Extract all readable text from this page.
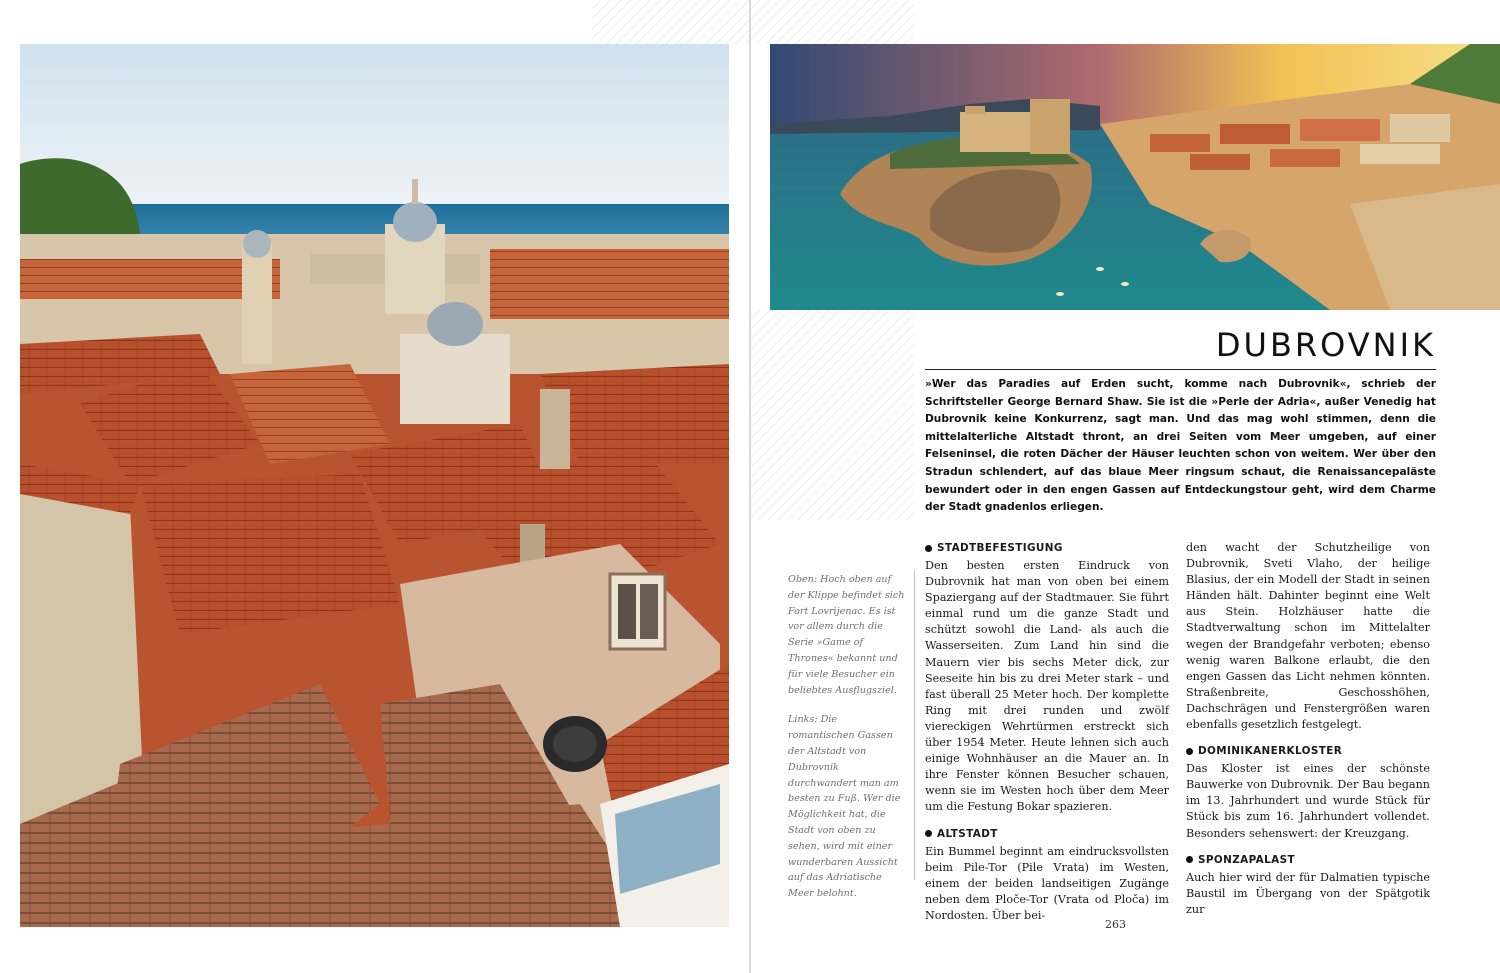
DUBROVNIK

»Wer das Paradies auf Erden sucht, komme nach Dubrovnik«, schrieb der Schriftsteller George Bernard Shaw. Sie ist die »Perle der Adria«, außer Venedig hat Dubrovnik keine Konkurrenz, sagt man. Und das mag wohl stimmen, denn die mittelalterliche Altstadt thront, an drei Seiten vom Meer umgeben, auf einer Felseninsel, die roten Dächer der Häuser leuchten schon von weitem. Wer über den Stradun schlendert, auf das blaue Meer ringsum schaut, die Renaissancepaläste bewundert oder in den engen Gassen auf Entdeckungstour geht, wird dem Charme der Stadt gnadenlos erliegen.

Oben: Hoch oben auf der Klippe befindet sich Fort Lovrijenac. Es ist vor allem durch die Serie »Game of Thrones« bekannt und für viele Besucher ein beliebtes Ausflugsziel.

Links: Die romantischen Gassen der Altstadt von Dubrovnik durchwandert man am besten zu Fuß. Wer die Möglichkeit hat, die Stadt von oben zu sehen, wird mit einer wunderbaren Aussicht auf das Adriatische Meer belohnt.

STADTBEFESTIGUNG

Den besten ersten Eindruck von Dubrovnik hat man von oben bei einem Spaziergang auf der Stadtmauer. Sie führt einmal rund um die ganze Stadt und schützt sowohl die Land- als auch die Wasserseiten. Zum Land hin sind die Mauern vier bis sechs Meter dick, zur Seeseite hin bis zu drei Meter stark – und fast überall 25 Meter hoch. Der komplette Ring mit drei runden und zwölf viereckigen Wehrtürmen erstreckt sich über 1954 Meter. Heute lehnen sich auch einige Wohnhäuser an die Mauer an. In ihre Fenster können Besucher schauen, wenn sie im Westen hoch über dem Meer um die Festung Bokar spazieren.

ALTSTADT

Ein Bummel beginnt am eindrucksvollsten beim Pile-Tor (Pile Vrata) im Westen, einem der beiden landseitigen Zugänge neben dem Ploče-Tor (Vrata od Ploča) im Nordosten. Über bei-

den wacht der Schutzheilige von Dubrovnik, Sveti Vlaho, der heilige Blasius, der ein Modell der Stadt in seinen Händen hält. Dahinter beginnt eine Welt aus Stein. Holzhäuser hatte die Stadtverwaltung schon im Mittelalter wegen der Brandgefahr verboten; ebenso wenig waren Balkone erlaubt, die den engen Gassen das Licht nehmen könnten. Straßenbreite, Geschosshöhen, Dachschrägen und Fenstergrößen waren ebenfalls gesetzlich festgelegt.

DOMINIKANERKLOSTER

Das Kloster ist eines der schönste Bauwerke von Dubrovnik. Der Bau begann im 13. Jahrhundert und wurde Stück für Stück bis zum 16. Jahrhundert vollendet. Besonders sehenswert: der Kreuzgang.

SPONZAPALAST

Auch hier wird der für Dalmatien typische Baustil im Übergang von der Spätgotik zur

263
